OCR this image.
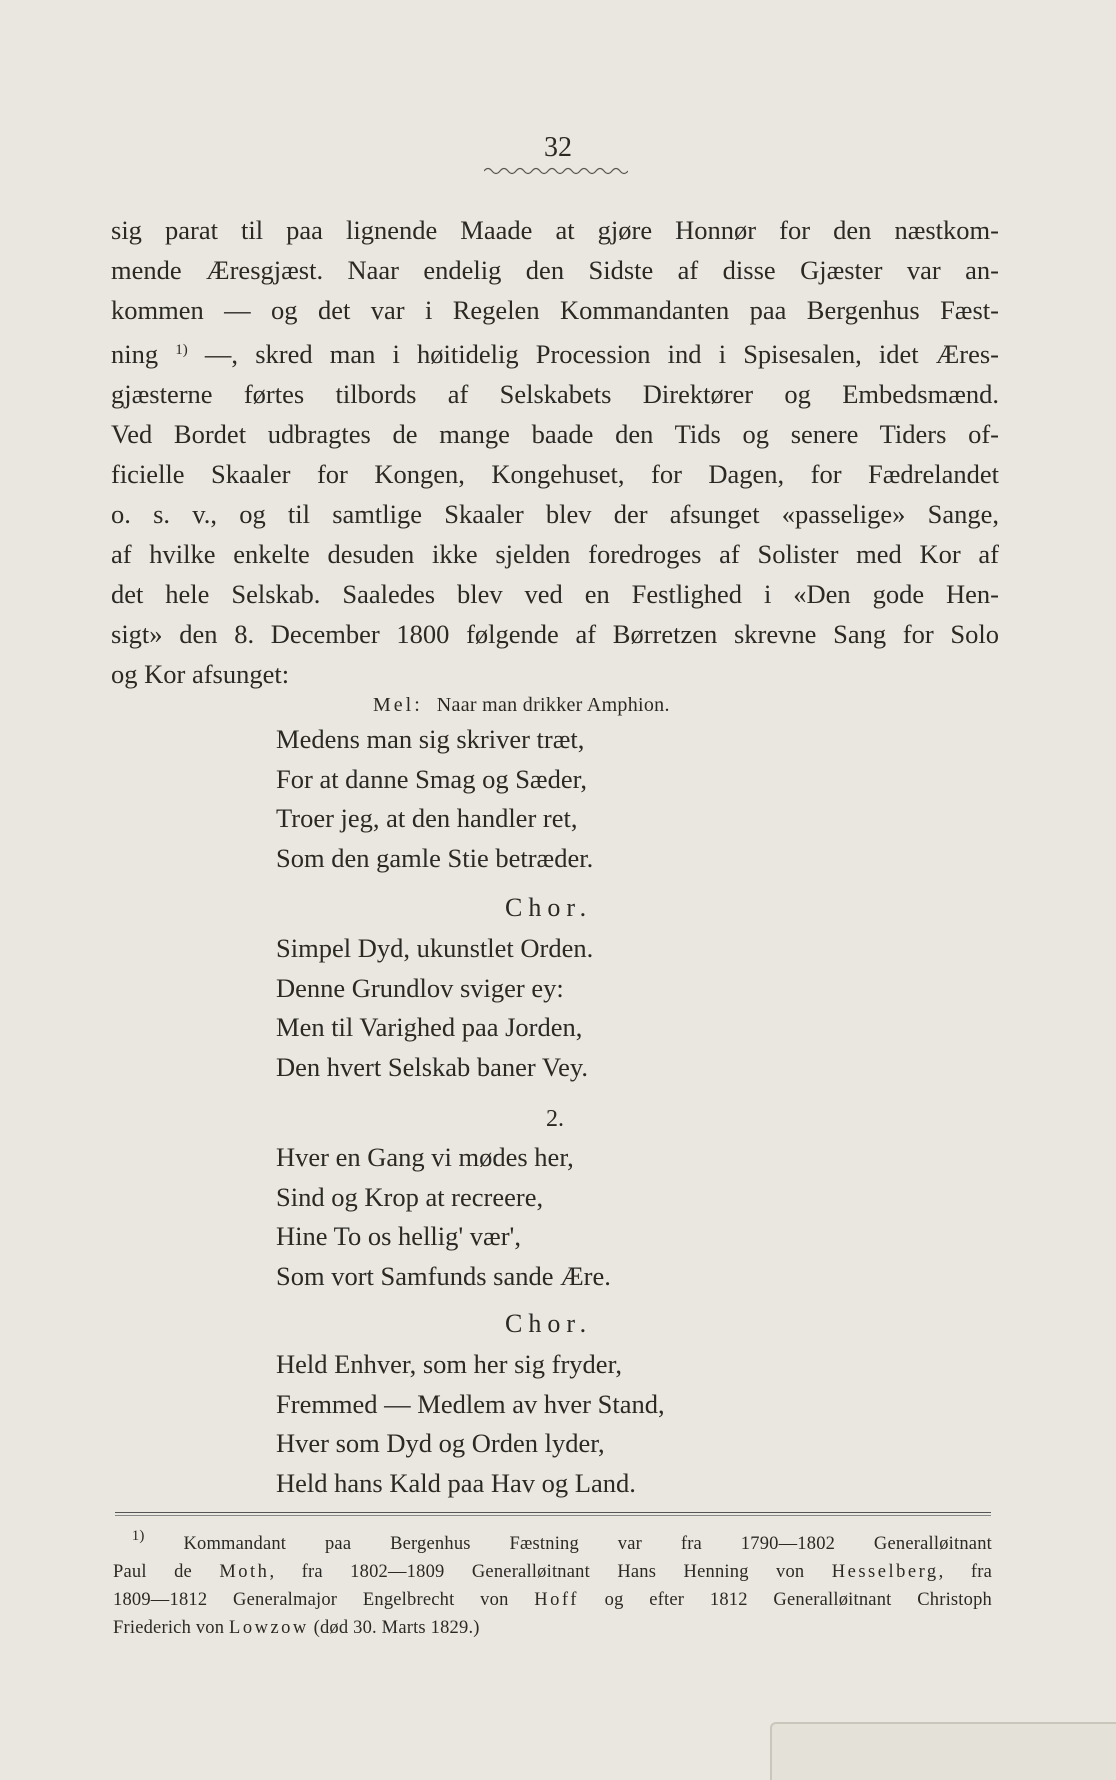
32
sig parat til paa lignende Maade at gjøre Honnør for den næstkom-
mende Æresgjæst. Naar endelig den Sidste af disse Gjæster var an-
kommen — og det var i Regelen Kommandanten paa Bergenhus Fæst-
ning $^{1)}$ —, skred man i høitidelig Procession ind i Spisesalen, idet Æres-
gjæsterne førtes tilbords af Selskabets Direktører og Embedsmænd.
Ved Bordet udbragtes de mange baade den Tids og senere Tiders of-
ficielle Skaaler for Kongen, Kongehuset, for Dagen, for Fædrelandet
o. s. v., og til samtlige Skaaler blev der afsunget «passelige» Sange,
af hvilke enkelte desuden ikke sjelden foredroges af Solister med Kor af
det hele Selskab. Saaledes blev ved en Festlighed i «Den gode Hen-
sigt» den 8. December 1800 følgende af Børretzen skrevne Sang for Solo
og Kor afsunget:
Mel: Naar man drikker Amphion.
Medens man sig skriver træt,
For at danne Smag og Sæder,
Troer jeg, at den handler ret,
Som den gamle Stie betræder.
Chor.
Simpel Dyd, ukunstlet Orden.
Denne Grundlov sviger ey:
Men til Varighed paa Jorden,
Den hvert Selskab baner Vey.
2.
Hver en Gang vi mødes her,
Sind og Krop at recreere,
Hine To os hellig' vær',
Som vort Samfunds sande Ære.
Chor.
Held Enhver, som her sig fryder,
Fremmed — Medlem av hver Stand,
Hver som Dyd og Orden lyder,
Held hans Kald paa Hav og Land.
 $^{1)}$ Kommandant paa Bergenhus Fæstning var fra 1790—1802 Generalløitnant
Paul de Moth, fra 1802—1809 Generalløitnant Hans Henning von Hesselberg, fra
1809—1812 Generalmajor Engelbrecht von Hoff og efter 1812 Generalløitnant Christoph
Friederich von Lowzow (død 30. Marts 1829.)
